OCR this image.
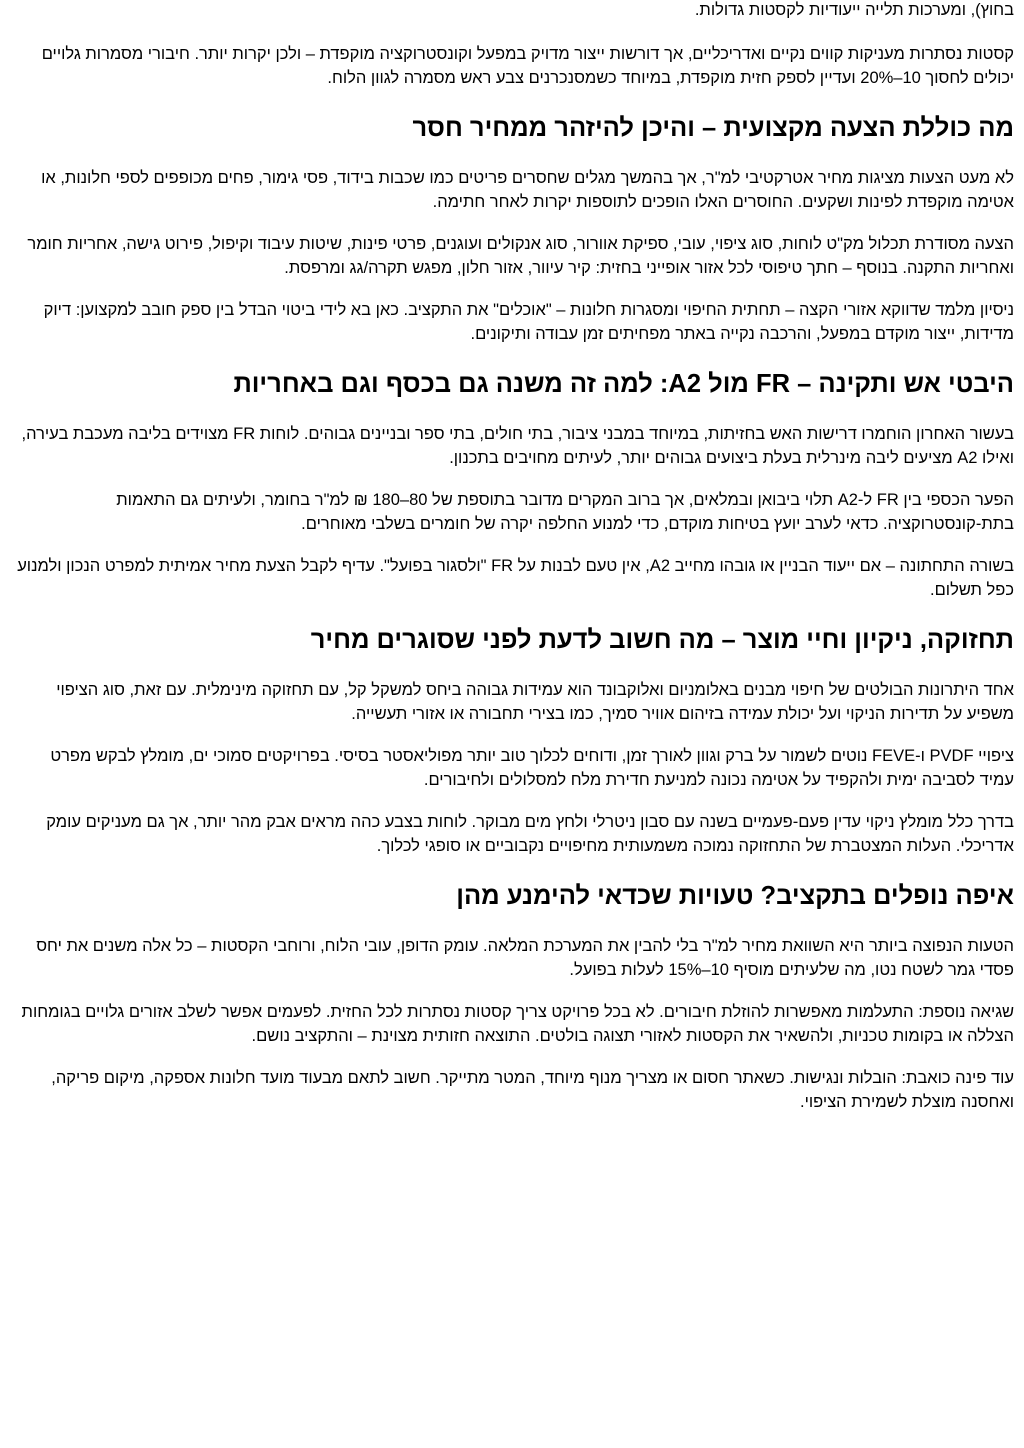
בחוץ), ומערכות תלייה ייעודיות לקסטות גדולות.

קסטות נסתרות מעניקות קווים נקיים ואדריכליים, אך דורשות ייצור מדויק במפעל וקונסטרוקציה מוקפדת – ולכן יקרות יותר. חיבורי מסמרות גלויים יכולים לחסוך 10–20% ועדיין לספק חזית מוקפדת, במיוחד כשמסנכרנים צבע ראש מסמרה לגוון הלוח.

מה כוללת הצעה מקצועית – והיכן להיזהר ממחיר חסר

לא מעט הצעות מציגות מחיר אטרקטיבי למ"ר, אך בהמשך מגלים שחסרים פריטים כמו שכבות בידוד, פסי גימור, פחים מכופפים לספי חלונות, או אטימה מוקפדת לפינות ושקעים. החוסרים האלו הופכים לתוספות יקרות לאחר חתימה.

הצעה מסודרת תכלול מק"ט לוחות, סוג ציפוי, עובי, ספיקת אוורור, סוג אנקולים ועוגנים, פרטי פינות, שיטות עיבוד וקיפול, פירוט גישה, אחריות חומר ואחריות התקנה. בנוסף – חתך טיפוסי לכל אזור אופייני בחזית: קיר עיוור, אזור חלון, מפגש תקרה/גג ומרפסת.

ניסיון מלמד שדווקא אזורי הקצה – תחתית החיפוי ומסגרות חלונות – "אוכלים" את התקציב. כאן בא לידי ביטוי הבדל בין ספק חובב למקצוען: דיוק מדידות, ייצור מוקדם במפעל, והרכבה נקייה באתר מפחיתים זמן עבודה ותיקונים.

היבטי אש ותקינה – FR מול A2: למה זה משנה גם בכסף וגם באחריות

בעשור האחרון הוחמרו דרישות האש בחזיתות, במיוחד במבני ציבור, בתי חולים, בתי ספר ובניינים גבוהים. לוחות FR מצוידים בליבה מעכבת בעירה, ואילו A2 מציעים ליבה מינרלית בעלת ביצועים גבוהים יותר, לעיתים מחויבים בתכנון.

הפער הכספי בין FR ל-A2 תלוי ביבואן ובמלאים, אך ברוב המקרים מדובר בתוספת של 80–180 ₪ למ"ר בחומר, ולעיתים גם התאמות בתת-קונסטרוקציה. כדאי לערב יועץ בטיחות מוקדם, כדי למנוע החלפה יקרה של חומרים בשלבי מאוחרים.

בשורה התחתונה – אם ייעוד הבניין או גובהו מחייב A2, אין טעם לבנות על FR "ולסגור בפועל". עדיף לקבל הצעת מחיר אמיתית למפרט הנכון ולמנוע כפל תשלום.

תחזוקה, ניקיון וחיי מוצר – מה חשוב לדעת לפני שסוגרים מחיר

אחד היתרונות הבולטים של חיפוי מבנים באלומניום ואלוקבונד הוא עמידות גבוהה ביחס למשקל קל, עם תחזוקה מינימלית. עם זאת, סוג הציפוי משפיע על תדירות הניקוי ועל יכולת עמידה בזיהום אוויר סמיך, כמו בצירי תחבורה או אזורי תעשייה.

ציפויי PVDF ו-FEVE נוטים לשמור על ברק וגוון לאורך זמן, ודוחים לכלוך טוב יותר מפוליאסטר בסיסי. בפרויקטים סמוכי ים, מומלץ לבקש מפרט עמיד לסביבה ימית ולהקפיד על אטימה נכונה למניעת חדירת מלח למסלולים ולחיבורים.

בדרך כלל מומלץ ניקוי עדין פעם-פעמיים בשנה עם סבון ניטרלי ולחץ מים מבוקר. לוחות בצבע כהה מראים אבק מהר יותר, אך גם מעניקים עומק אדריכלי. העלות המצטברת של התחזוקה נמוכה משמעותית מחיפויים נקבוביים או סופגי לכלוך.

איפה נופלים בתקציב? טעויות שכדאי להימנע מהן

הטעות הנפוצה ביותר היא השוואת מחיר למ"ר בלי להבין את המערכת המלאה. עומק הדופן, עובי הלוח, ורוחבי הקסטות – כל אלה משנים את יחס פסדי גמר לשטח נטו, מה שלעיתים מוסיף 10–15% לעלות בפועל.

שגיאה נוספת: התעלמות מאפשרות להוזלת חיבורים. לא בכל פרויקט צריך קסטות נסתרות לכל החזית. לפעמים אפשר לשלב אזורים גלויים בגומחות הצללה או בקומות טכניות, ולהשאיר את הקסטות לאזורי תצוגה בולטים. התוצאה חזותית מצוינת – והתקציב נושם.

עוד פינה כואבת: הובלות ונגישות. כשאתר חסום או מצריך מנוף מיוחד, המטר מתייקר. חשוב לתאם מבעוד מועד חלונות אספקה, מיקום פריקה, ואחסנה מוצלת לשמירת הציפוי.
